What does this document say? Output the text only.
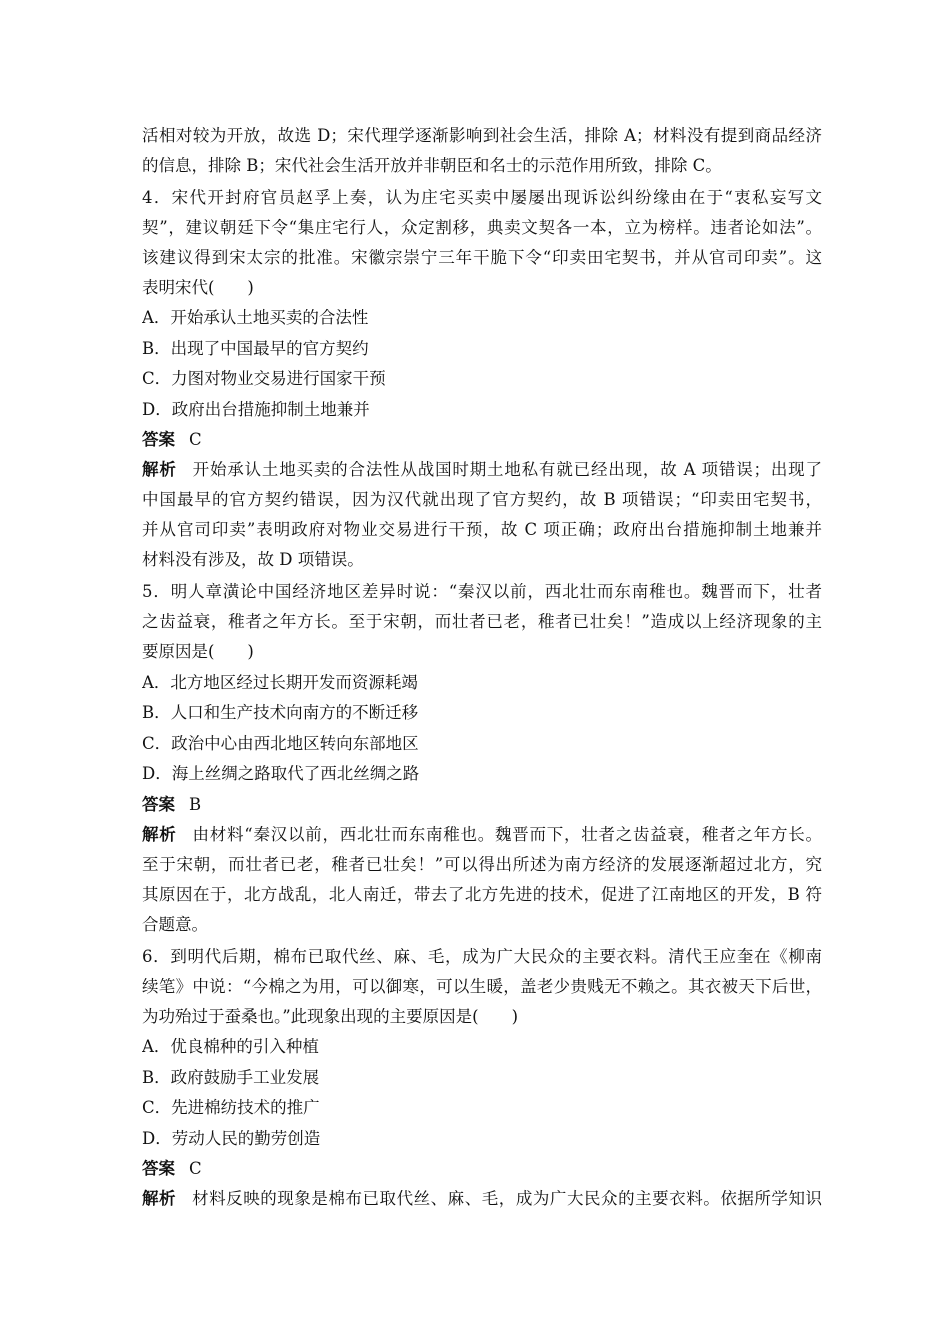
活相对较为开放，故选 D；宋代理学逐渐影响到社会生活，排除 A；材料没有提到商品经济
的信息，排除 B；宋代社会生活开放并非朝臣和名士的示范作用所致，排除 C。
4．宋代开封府官员赵孚上奏，认为庄宅买卖中屡屡出现诉讼纠纷缘由在于“衷私妄写文
契”，建议朝廷下令“集庄宅行人，众定割移，典卖文契各一本，立为榜样。违者论如法”。
该建议得到宋太宗的批准。宋徽宗崇宁三年干脆下令“印卖田宅契书，并从官司印卖”。这
表明宋代(　　)
A．开始承认土地买卖的合法性
B．出现了中国最早的官方契约
C．力图对物业交易进行国家干预
D．政府出台措施抑制土地兼并
答案 C
解析 开始承认土地买卖的合法性从战国时期土地私有就已经出现，故 A 项错误；出现了
中国最早的官方契约错误，因为汉代就出现了官方契约，故 B 项错误；“印卖田宅契书，
并从官司印卖”表明政府对物业交易进行干预，故 C 项正确；政府出台措施抑制土地兼并
材料没有涉及，故 D 项错误。
5．明人章潢论中国经济地区差异时说：“秦汉以前，西北壮而东南稚也。魏晋而下，壮者
之齿益衰，稚者之年方长。至于宋朝，而壮者已老，稚者已壮矣！”造成以上经济现象的主
要原因是(　　)
A．北方地区经过长期开发而资源耗竭
B．人口和生产技术向南方的不断迁移
C．政治中心由西北地区转向东部地区
D．海上丝绸之路取代了西北丝绸之路
答案 B
解析 由材料“秦汉以前，西北壮而东南稚也。魏晋而下，壮者之齿益衰，稚者之年方长。
至于宋朝，而壮者已老，稚者已壮矣！”可以得出所述为南方经济的发展逐渐超过北方，究
其原因在于，北方战乱，北人南迁，带去了北方先进的技术，促进了江南地区的开发，B 符
合题意。
6．到明代后期，棉布已取代丝、麻、毛，成为广大民众的主要衣料。清代王应奎在《柳南
续笔》中说：“今棉之为用，可以御寒，可以生暖，盖老少贵贱无不赖之。其衣被天下后世，
为功殆过于蚕桑也。”此现象出现的主要原因是(　　)
A．优良棉种的引入种植
B．政府鼓励手工业发展
C．先进棉纺技术的推广
D．劳动人民的勤劳创造
答案 C
解析 材料反映的现象是棉布已取代丝、麻、毛，成为广大民众的主要衣料。依据所学知识
